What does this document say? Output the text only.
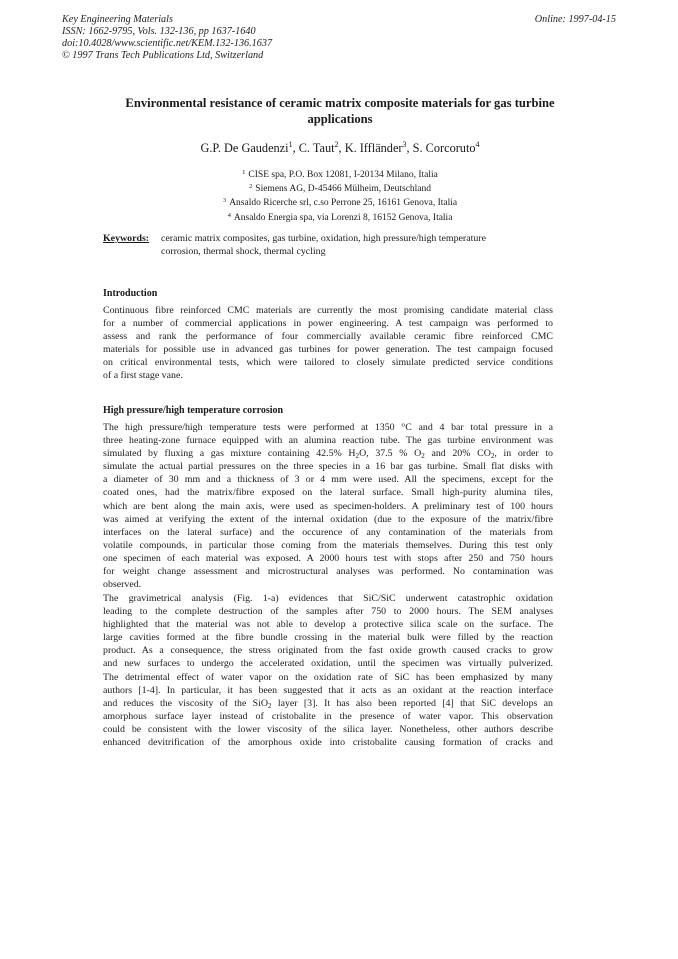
Key Engineering Materials
ISSN: 1662-9795, Vols. 132-136, pp 1637-1640
doi:10.4028/www.scientific.net/KEM.132-136.1637
© 1997 Trans Tech Publications Ltd, Switzerland
Online: 1997-04-15
Environmental resistance of ceramic matrix composite materials for gas turbine
applications
G.P. De Gaudenzi$^1$, C. Taut$^2$, K. Iffländer$^3$, S. Corcoruto$^4$
$^1$ CISE spa, P.O. Box 12081, I-20134 Milano, Italia
$^2$ Siemens AG, D-45466 Mülheim, Deutschland
$^3$ Ansaldo Ricerche srl, c.so Perrone 25, 16161 Genova, Italia
$^4$ Ansaldo Energia spa, via Lorenzi 8, 16152 Genova, Italia
Keywords: ceramic matrix composites, gas turbine, oxidation, high pressure/high temperature
corrosion, thermal shock, thermal cycling
Introduction
Continuous fibre reinforced CMC materials are currently the most promising candidate material class
for a number of commercial applications in power engineering. A test campaign was performed to
assess and rank the performance of four commercially available ceramic fibre reinforced CMC
materials for possible use in advanced gas turbines for power generation. The test campaign focused
on critical environmental tests, which were tailored to closely simulate predicted service conditions
of a first stage vane.
High pressure/high temperature corrosion
The high pressure/high temperature tests were performed at 1350 °C and 4 bar total pressure in a
three heating-zone furnace equipped with an alumina reaction tube. The gas turbine environment was
simulated by fluxing a gas mixture containing 42.5% $H_2O$, 37.5 % $O_2$ and 20% $CO_2$, in order to
simulate the actual partial pressures on the three species in a 16 bar gas turbine. Small flat disks with
a diameter of 30 mm and a thickness of 3 or 4 mm were used. All the specimens, except for the
coated ones, had the matrix/fibre exposed on the lateral surface. Small high-purity alumina tiles,
which are bent along the main axis, were used as specimen-holders. A preliminary test of 100 hours
was aimed at verifying the extent of the internal oxidation (due to the exposure of the matrix/fibre
interfaces on the lateral surface) and the occurence of any contamination of the materials from
volatile compounds, in particular those coming from the materials themselves. During this test only
one specimen of each material was exposed. A 2000 hours test with stops after 250 and 750 hours
for weight change assessment and microstructural analyses was performed. No contamination was
observed.
The gravimetrical analysis (Fig. 1-a) evidences that SiC/SiC underwent catastrophic oxidation
leading to the complete destruction of the samples after 750 to 2000 hours. The SEM analyses
highlighted that the material was not able to develop a protective silica scale on the surface. The
large cavities formed at the fibre bundle crossing in the material bulk were filled by the reaction
product. As a consequence, the stress originated from the fast oxide growth caused cracks to grow
and new surfaces to undergo the accelerated oxidation, until the specimen was virtually pulverized.
The detrimental effect of water vapor on the oxidation rate of SiC has been emphasized by many
authors [1-4]. In particular, it has been suggested that it acts as an oxidant at the reaction interface
and reduces the viscosity of the SiO$_2$ layer [3]. It has also been reported [4] that SiC develops an
amorphous surface layer instead of cristobalite in the presence of water vapor. This observation
could be consistent with the lower viscosity of the silica layer. Nonetheless, other authors describe
enhanced devitrification of the amorphous oxide into cristobalite causing formation of cracks and
